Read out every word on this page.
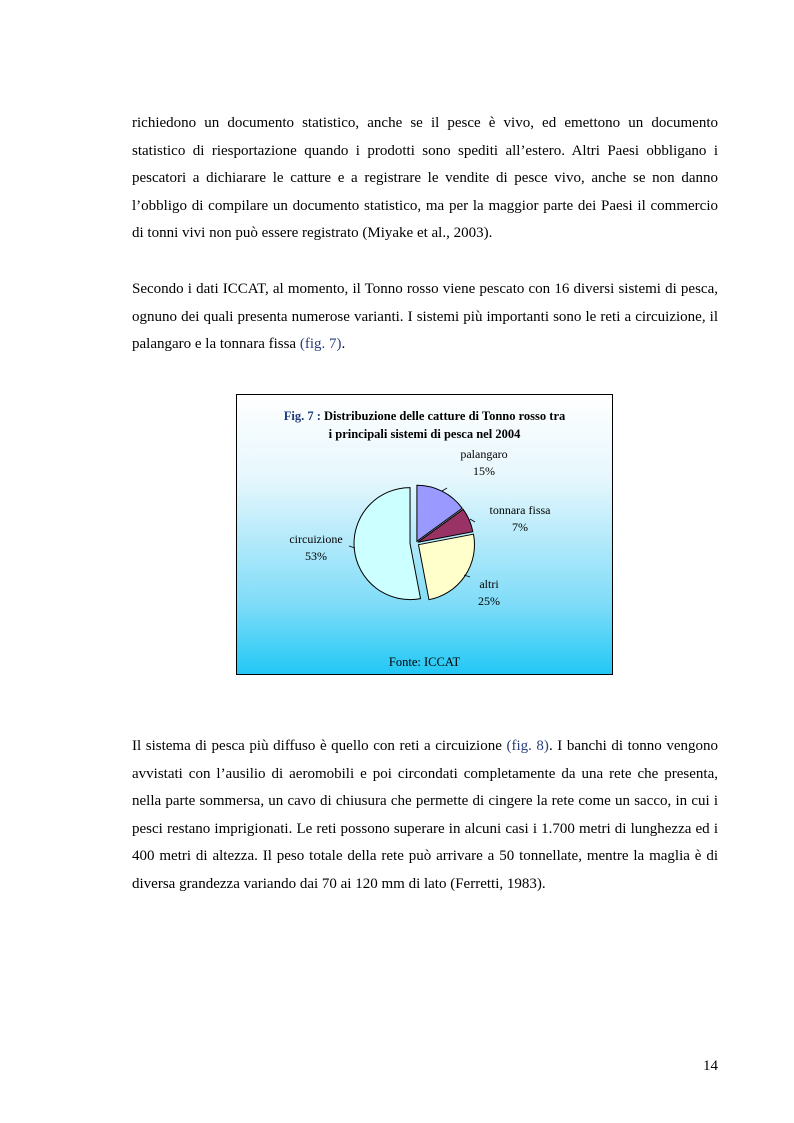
richiedono un documento statistico, anche se il pesce è vivo, ed emettono un documento statistico di riesportazione quando i prodotti sono spediti all’estero. Altri Paesi obbligano i pescatori a dichiarare le catture e a registrare le vendite di pesce vivo, anche se non danno l’obbligo di compilare un documento statistico, ma per la maggior parte dei Paesi il commercio di tonni vivi non può essere registrato (Miyake et al., 2003).

Secondo i dati ICCAT, al momento, il Tonno rosso viene pescato con 16 diversi sistemi di pesca, ognuno dei quali presenta numerose varianti. I sistemi più importanti sono le reti a circuizione, il palangaro e la tonnara fissa (fig. 7).

Fig. 7 : Distribuzione delle catture di Tonno rosso tra
i principali sistemi di pesca nel 2004
palangaro
15%
tonnara fissa
7%
altri
25%
circuizione
53%
Fonte: ICCAT

Il sistema di pesca più diffuso è quello con reti a circuizione (fig. 8). I banchi di tonno vengono avvistati con l’ausilio di aeromobili e poi circondati completamente da una rete che presenta, nella parte sommersa, un cavo di chiusura che permette di cingere la rete come un sacco, in cui i pesci restano imprigionati. Le reti possono superare in alcuni casi i 1.700 metri di lunghezza ed i 400 metri di altezza. Il peso totale della rete può arrivare a 50 tonnellate, mentre la maglia è di diversa grandezza variando dai 70 ai 120 mm di lato (Ferretti, 1983).

14
